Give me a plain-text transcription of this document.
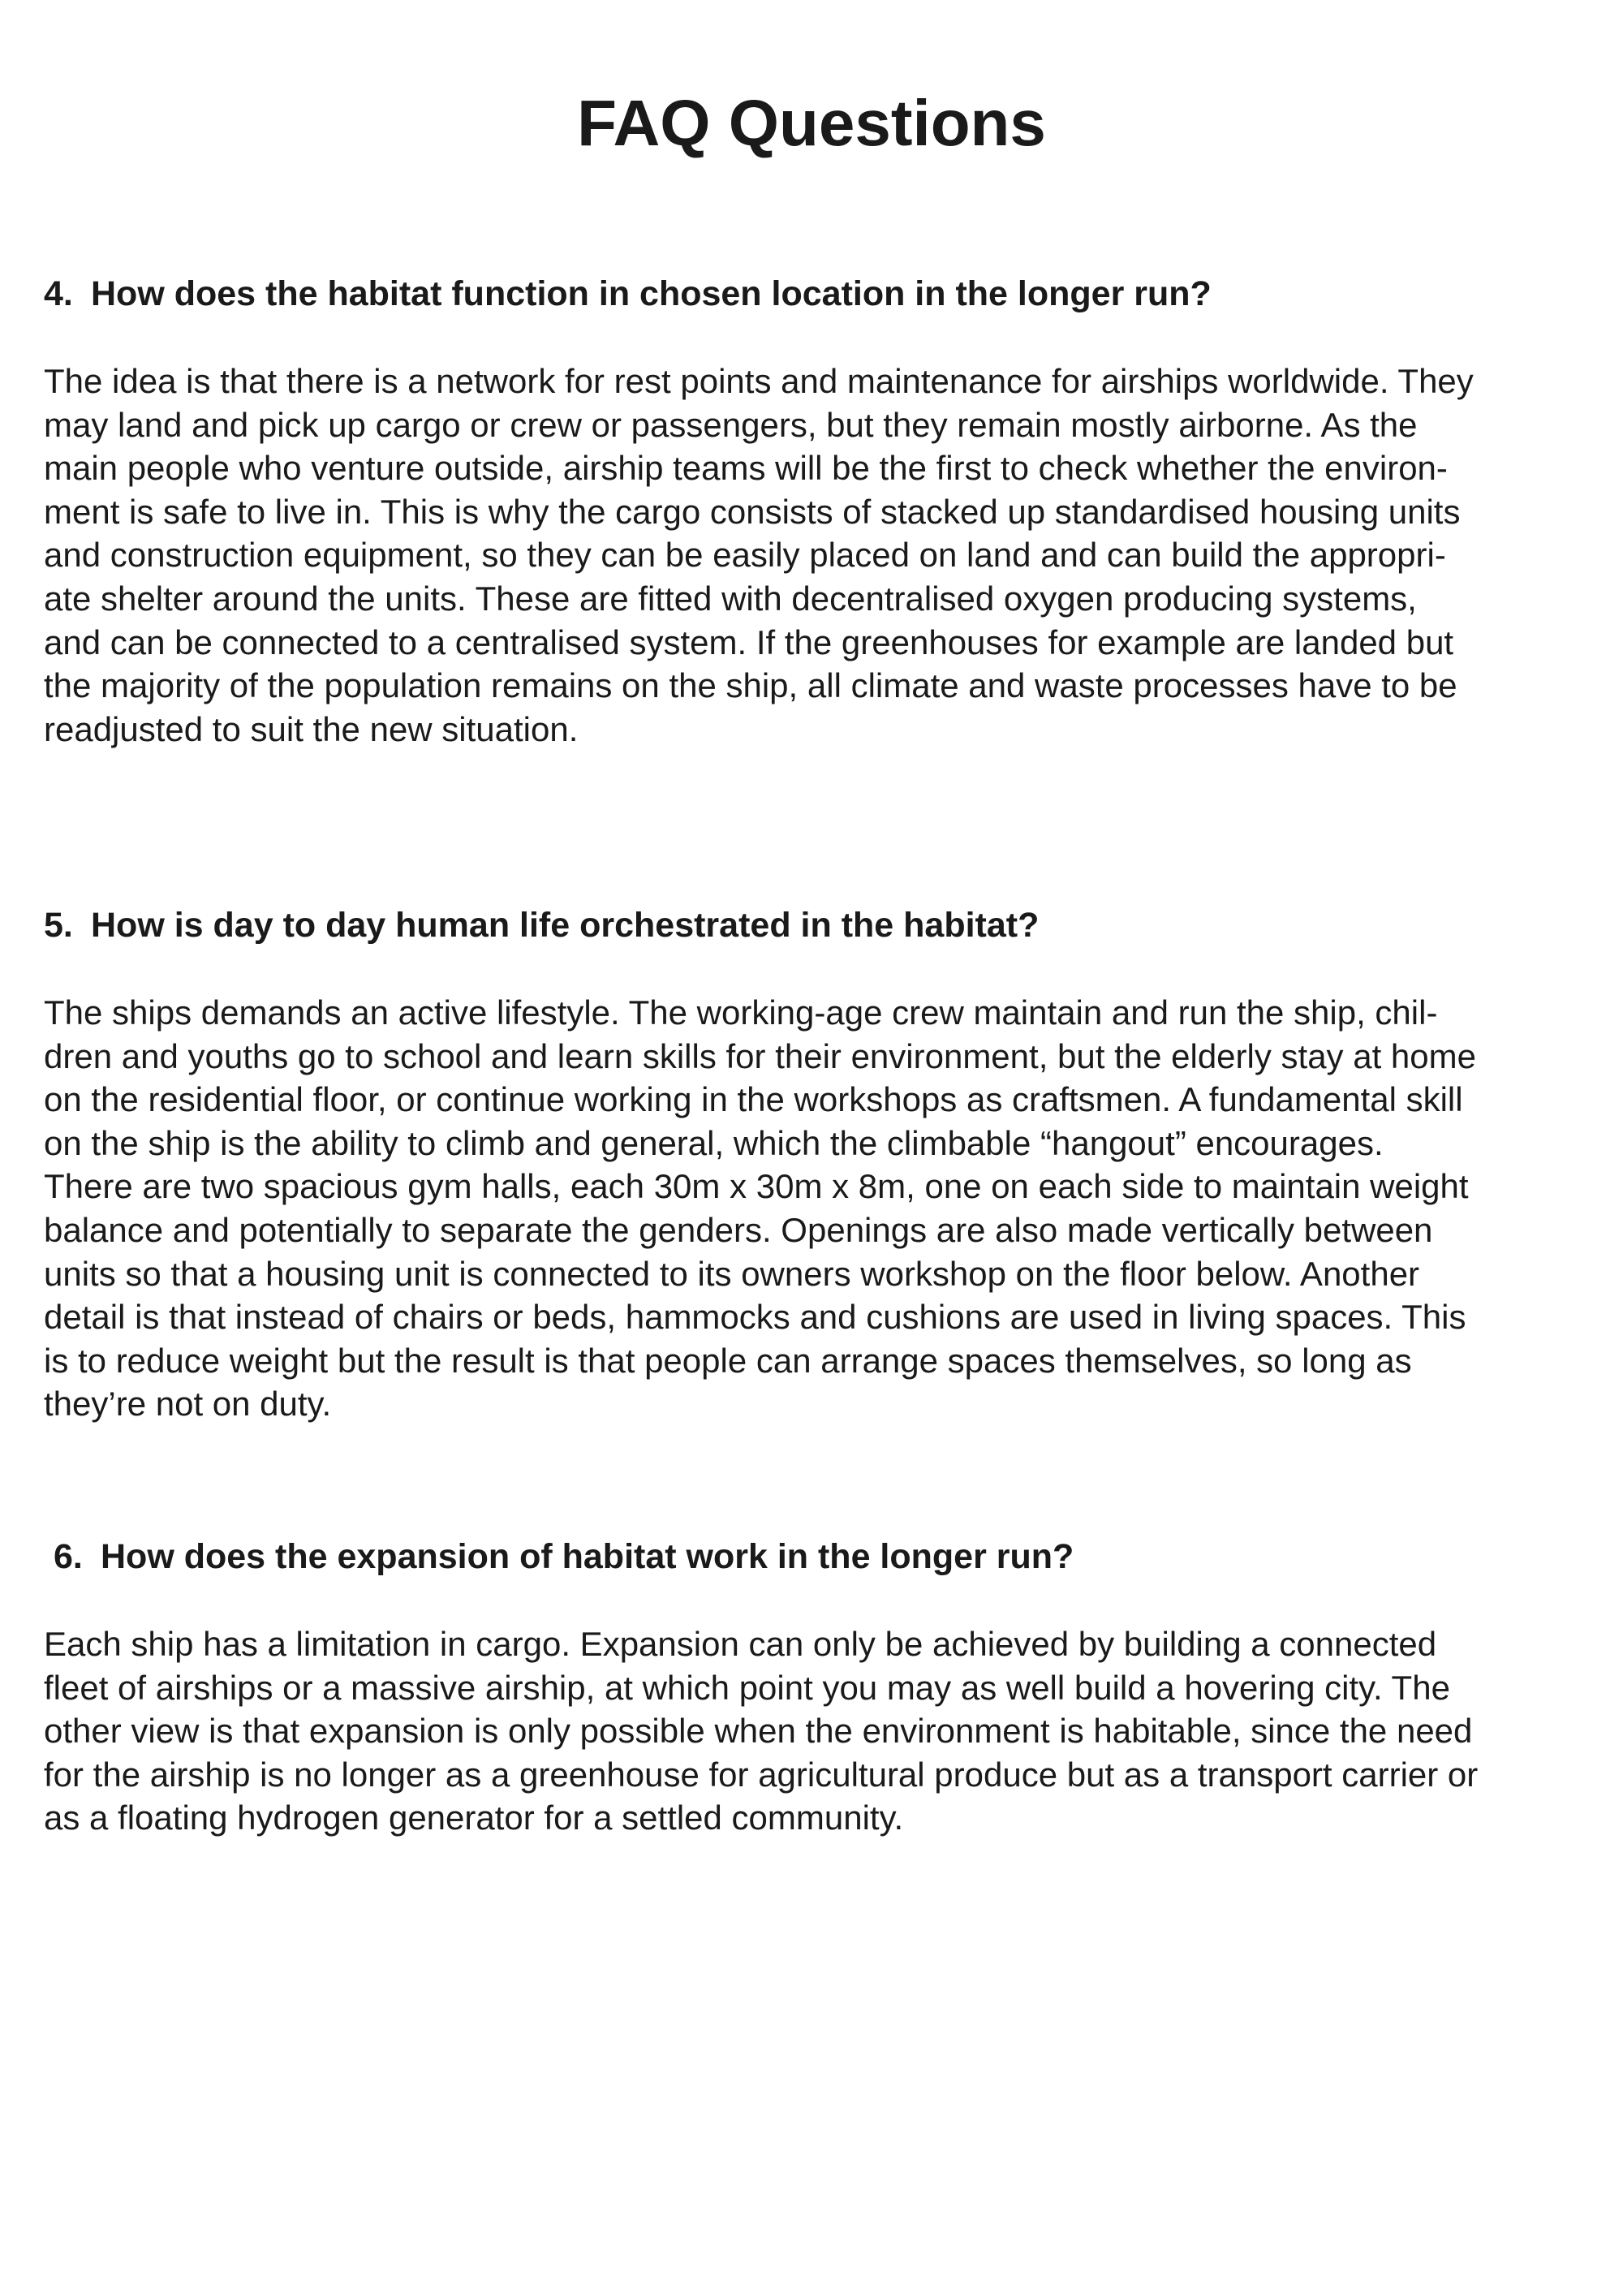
FAQ Questions
4. How does the habitat function in chosen location in the longer run?
The idea is that there is a network for rest points and maintenance for airships worldwide. They
may land and pick up cargo or crew or passengers, but they remain mostly airborne. As the
main people who venture outside, airship teams will be the first to check whether the environ-
ment is safe to live in. This is why the cargo consists of stacked up standardised housing units
and construction equipment, so they can be easily placed on land and can build the appropri-
ate shelter around the units. These are fitted with decentralised oxygen producing systems,
and can be connected to a centralised system. If the greenhouses for example are landed but
the majority of the population remains on the ship, all climate and waste processes have to be
readjusted to suit the new situation.
5. How is day to day human life orchestrated in the habitat?
The ships demands an active lifestyle. The working-age crew maintain and run the ship, chil-
dren and youths go to school and learn skills for their environment, but the elderly stay at home
on the residential floor, or continue working in the workshops as craftsmen. A fundamental skill
on the ship is the ability to climb and general, which the climbable “hangout” encourages.
There are two spacious gym halls, each 30m x 30m x 8m, one on each side to maintain weight
balance and potentially to separate the genders. Openings are also made vertically between
units so that a housing unit is connected to its owners workshop on the floor below. Another
detail is that instead of chairs or beds, hammocks and cushions are used in living spaces. This
is to reduce weight but the result is that people can arrange spaces themselves, so long as
they’re not on duty.
6. How does the expansion of habitat work in the longer run?
Each ship has a limitation in cargo. Expansion can only be achieved by building a connected
fleet of airships or a massive airship, at which point you may as well build a hovering city. The
other view is that expansion is only possible when the environment is habitable, since the need
for the airship is no longer as a greenhouse for agricultural produce but as a transport carrier or
as a floating hydrogen generator for a settled community.
